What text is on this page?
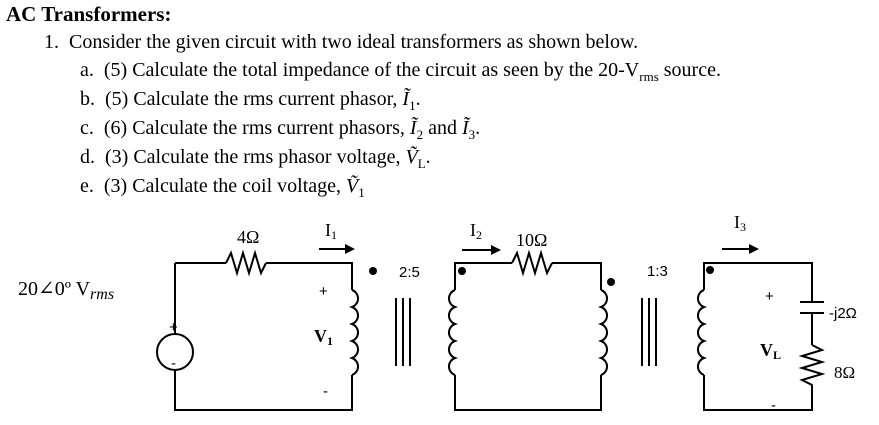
AC Transformers:
1. Consider the given circuit with two ideal transformers as shown below.
a. (5) Calculate the total impedance of the circuit as seen by the $20-V_{rms}$ source.
b. (5) Calculate the rms current phasor, $Ĩ_1$.
c. (6) Calculate the rms current phasors, $Ĩ_2$ and $Ĩ_3$.
d. (3) Calculate the rms phasor voltage, Ṽ$_L$.
e. (3) Calculate the coil voltage, Ṽ$_1$
20∠0º $V_{rms}$
+
-
4Ω	I1
+
V1
-
2:5
I2 10Ω
1:3
I3
+
VL
-
-j2Ω
8Ω
